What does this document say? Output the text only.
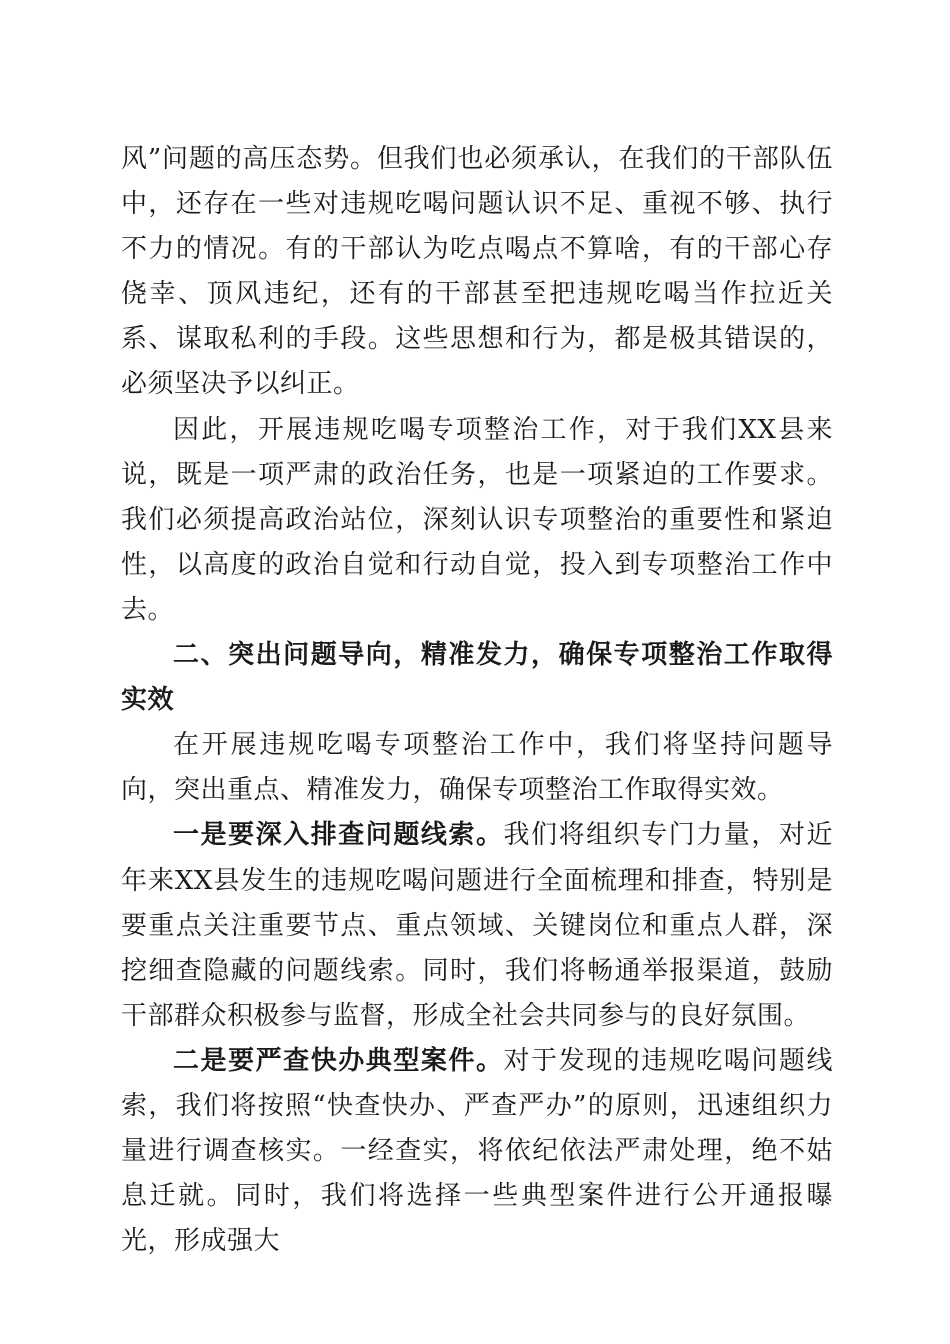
风”问题的高压态势。但我们也必须承认，在我们的干部队伍中，还存在一些对违规吃喝问题认识不足、重视不够、执行不力的情况。有的干部认为吃点喝点不算啥，有的干部心存侥幸、顶风违纪，还有的干部甚至把违规吃喝当作拉近关系、谋取私利的手段。这些思想和行为，都是极其错误的，必须坚决予以纠正。

因此，开展违规吃喝专项整治工作，对于我们XX县来说，既是一项严肃的政治任务，也是一项紧迫的工作要求。我们必须提高政治站位，深刻认识专项整治的重要性和紧迫性，以高度的政治自觉和行动自觉，投入到专项整治工作中去。

二、突出问题导向，精准发力，确保专项整治工作取得实效

在开展违规吃喝专项整治工作中，我们将坚持问题导向，突出重点、精准发力，确保专项整治工作取得实效。

一是要深入排查问题线索。我们将组织专门力量，对近年来XX县发生的违规吃喝问题进行全面梳理和排查，特别是要重点关注重要节点、重点领域、关键岗位和重点人群，深挖细查隐藏的问题线索。同时，我们将畅通举报渠道，鼓励干部群众积极参与监督，形成全社会共同参与的良好氛围。

二是要严查快办典型案件。对于发现的违规吃喝问题线索，我们将按照“快查快办、严查严办”的原则，迅速组织力量进行调查核实。一经查实，将依纪依法严肃处理，绝不姑息迁就。同时，我们将选择一些典型案件进行公开通报曝光，形成强大
